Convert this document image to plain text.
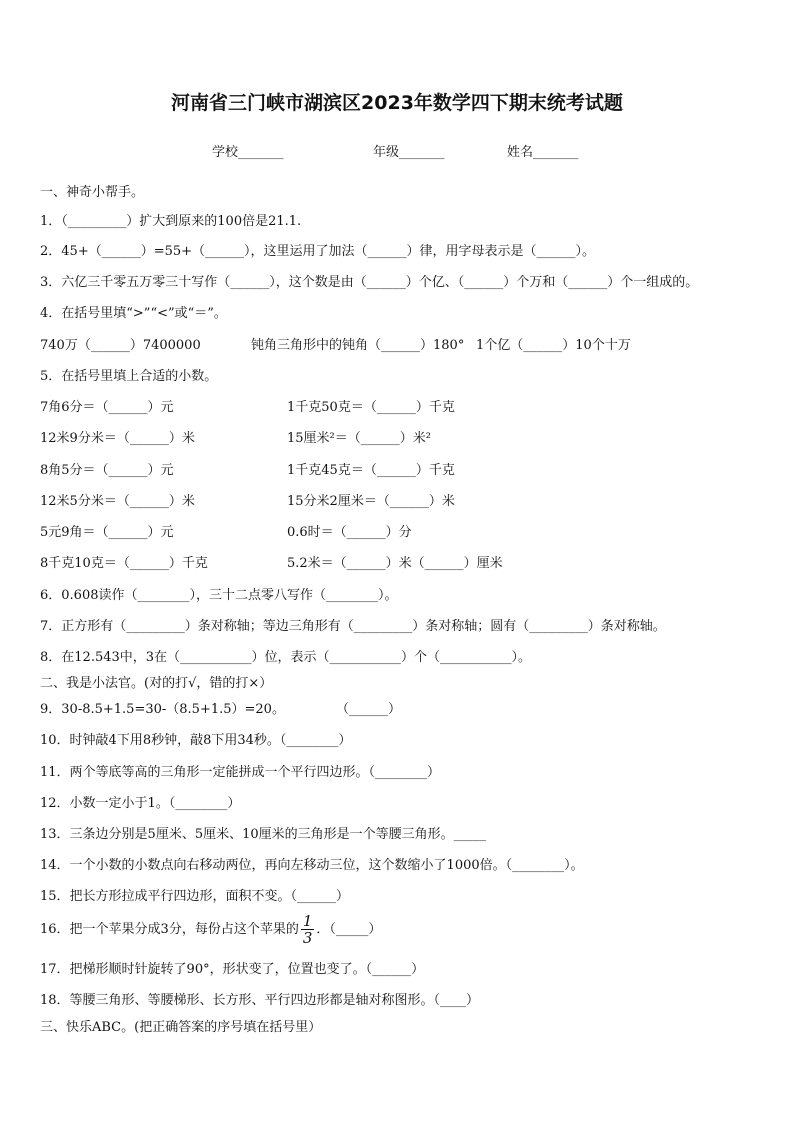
河南省三门峡市湖滨区2023年数学四下期末统考试题
学校_______	年级_______	姓名_______
一、神奇小帮手。
1．（_________）扩大到原来的100倍是21.1.
2．45+（______）=55+（______），这里运用了加法（______）律，用字母表示是（______）。
3．六亿三千零五万零三十写作（______），这个数是由（______）个亿、（______）个万和（______）个一组成的。
4．在括号里填“>”“<”或“＝”。
740万（______）7400000	钝角三角形中的钝角（______）180° 1个亿（______）10个十万
5．在括号里填上合适的小数。
7角6分＝（______）元	1千克50克＝（______）千克
12米9分米＝（______）米	15厘米²＝（______）米²
8角5分＝（______）元	1千克45克＝（______）千克
12米5分米＝（______）米	15分米2厘米＝（______）米
5元9角＝（______）元	0.6时＝（______）分
8千克10克＝（______）千克	5.2米＝（______）米（______）厘米
6．0.608读作（________），三十二点零八写作（________）。
7．正方形有（_________）条对称轴；等边三角形有（_________）条对称轴；圆有（_________）条对称轴。
8．在12.543中，3在（___________）位，表示（___________）个（___________）。
二、我是小法官。(对的打√，错的打×）
9．30-8.5+1.5=30-（8.5+1.5）=20。	（______）
10．时钟敲4下用8秒钟，敲8下用34秒。（________）
11．两个等底等高的三角形一定能拼成一个平行四边形。（________）
12．小数一定小于1。（________）
13．三条边分别是5厘米、5厘米、10厘米的三角形是一个等腰三角形。_____
14．一个小数的小数点向右移动两位，再向左移动三位，这个数缩小了1000倍。（________）。
15．把长方形拉成平行四边形，面积不变。（______）
16．把一个苹果分成3分，每份占这个苹果的 $\frac{1}{3}$ ．（_____）
17．把梯形顺时针旋转了90°，形状变了，位置也变了。（______）
18．等腰三角形、等腰梯形、长方形、平行四边形都是轴对称图形。（____）
三、快乐ABC。(把正确答案的序号填在括号里）
